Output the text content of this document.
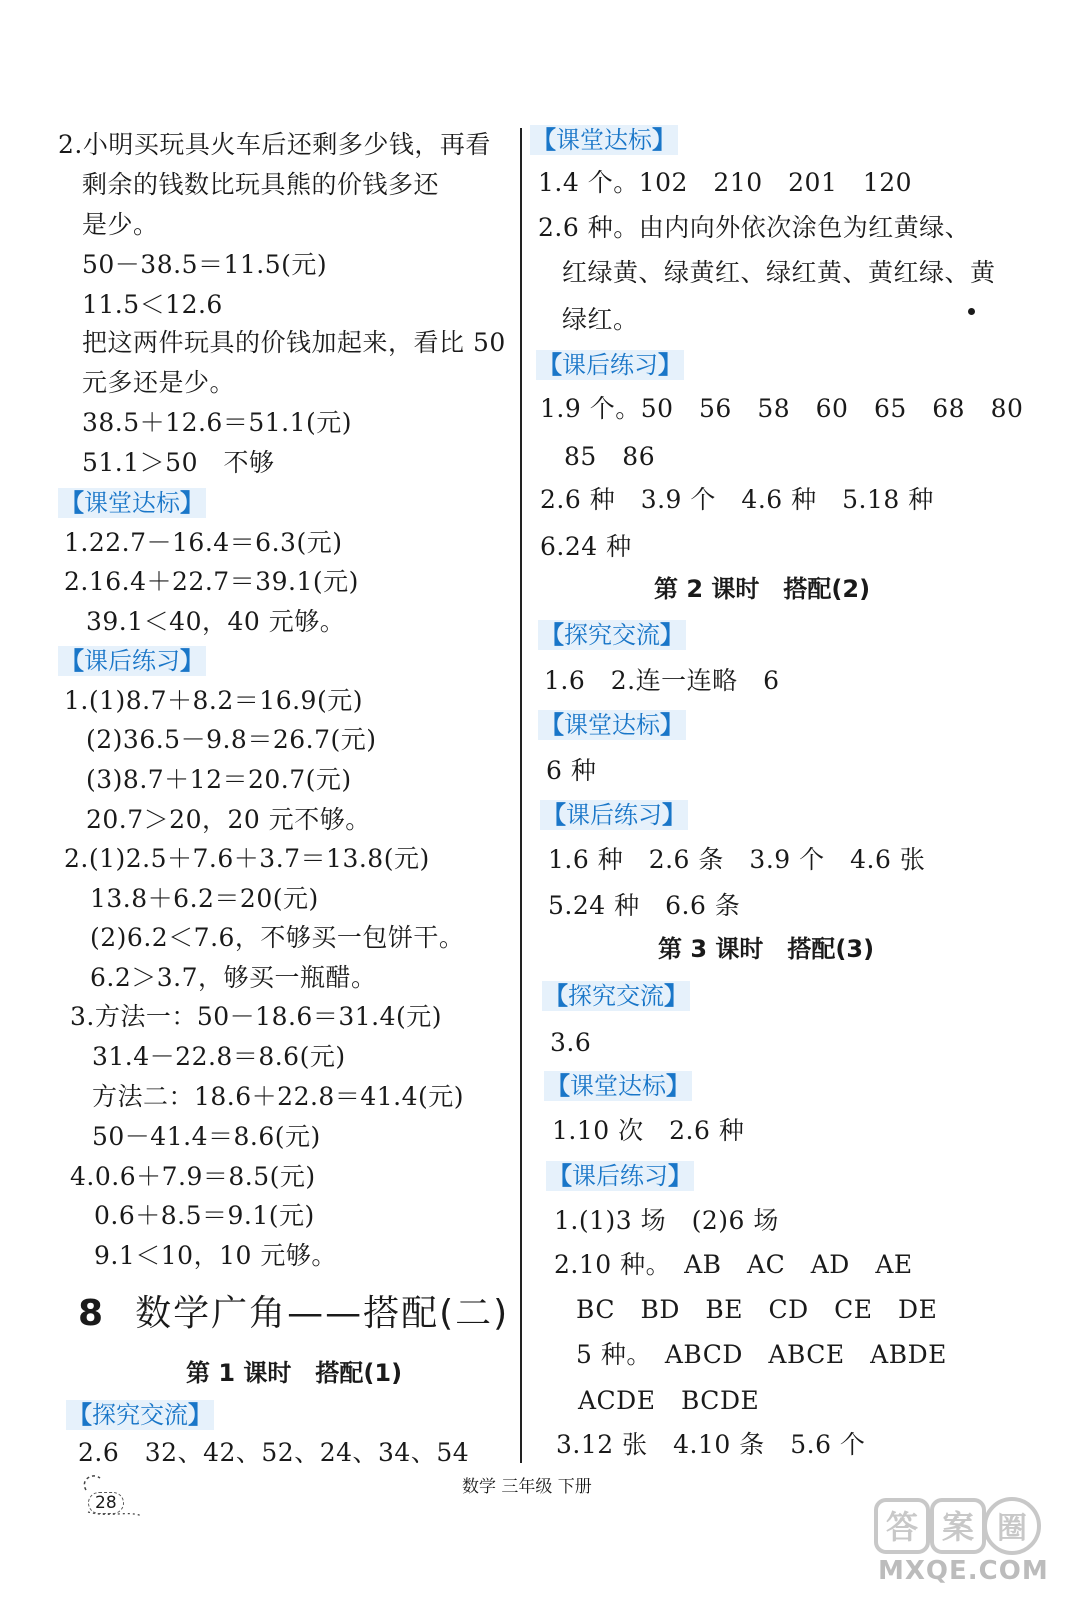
2.小明买玩具火车后还剩多少钱，再看
剩余的钱数比玩具熊的价钱多还
是少。
50－38.5＝11.5(元)
11.5＜12.6
把这两件玩具的价钱加起来，看比 50
元多还是少。
38.5＋12.6＝51.1(元)
51.1＞50　不够
【课堂达标】
1.22.7－16.4＝6.3(元)
2.16.4＋22.7＝39.1(元)
39.1＜40，40 元够。
【课后练习】
1.(1)8.7＋8.2＝16.9(元)
(2)36.5－9.8＝26.7(元)
(3)8.7＋12＝20.7(元)
20.7＞20，20 元不够。
2.(1)2.5＋7.6＋3.7＝13.8(元)
13.8＋6.2＝20(元)
(2)6.2＜7.6，不够买一包饼干。
6.2＞3.7，够买一瓶醋。
3.方法一：50－18.6＝31.4(元)
31.4－22.8＝8.6(元)
方法二：18.6＋22.8＝41.4(元)
50－41.4＝8.6(元)
4.0.6＋7.9＝8.5(元)
0.6＋8.5＝9.1(元)
9.1＜10，10 元够。
8 数学广角——搭配(二)
第 1 课时　搭配(1)
【探究交流】
2.6　32、42、52、24、34、54
【课堂达标】
1.4 个。102　210　201　120
2.6 种。由内向外依次涂色为红黄绿、
红绿黄、绿黄红、绿红黄、黄红绿、黄
绿红。
【课后练习】
1.9 个。50　56　58　60　65　68　80
85　86
2.6 种　3.9 个　4.6 种　5.18 种
6.24 种
第 2 课时　搭配(2)
【探究交流】
1.6　2.连一连略　6
【课堂达标】
6 种
【课后练习】
1.6 种　2.6 条　3.9 个　4.6 张
5.24 种　6.6 条
第 3 课时　搭配(3)
【探究交流】
3.6
【课堂达标】
1.10 次　2.6 种
【课后练习】
1.(1)3 场　(2)6 场
2.10 种。　AB　AC　AD　AE
BC　BD　BE　CD　CE　DE
5 种。　ABCD　ABCE　ABDE
ACDE　BCDE
3.12 张　4.10 条　5.6 个
28
数学 三年级 下册
答 案 圈
MXQE.COM
